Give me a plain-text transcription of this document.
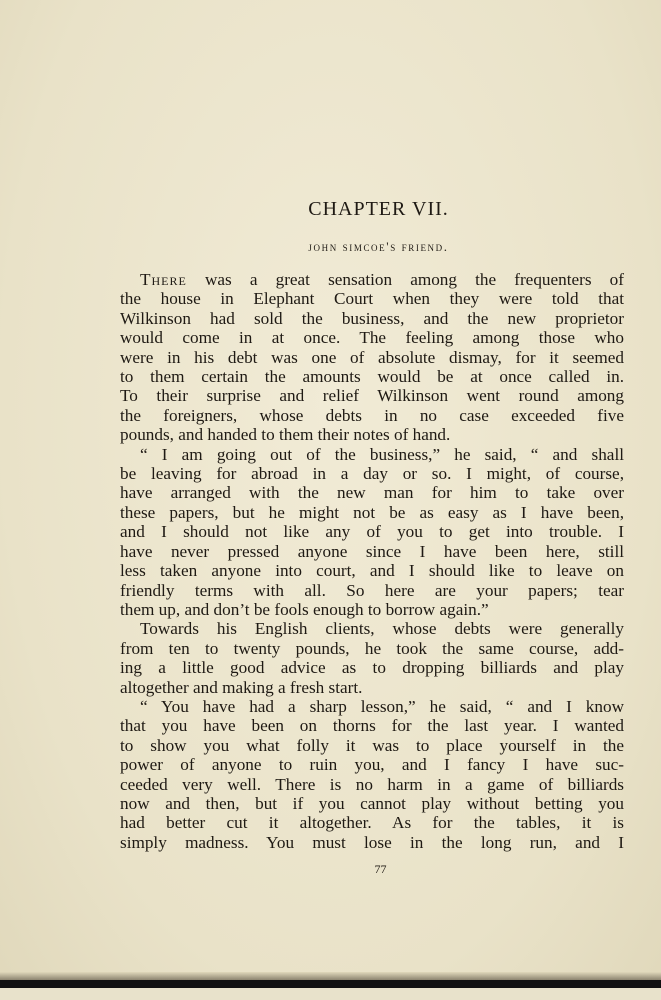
CHAPTER VII.
john simcoe's friend.
There was a great sensation among the frequenters of
the house in Elephant Court when they were told that
Wilkinson had sold the business, and the new proprietor
would come in at once. The feeling among those who
were in his debt was one of absolute dismay, for it seemed
to them certain the amounts would be at once called in.
To their surprise and relief Wilkinson went round among
the foreigners, whose debts in no case exceeded five
pounds, and handed to them their notes of hand.
“ I am going out of the business,” he said, “ and shall
be leaving for abroad in a day or so. I might, of course,
have arranged with the new man for him to take over
these papers, but he might not be as easy as I have been,
and I should not like any of you to get into trouble. I
have never pressed anyone since I have been here, still
less taken anyone into court, and I should like to leave on
friendly terms with all. So here are your papers; tear
them up, and don’t be fools enough to borrow again.”
Towards his English clients, whose debts were generally
from ten to twenty pounds, he took the same course, add-
ing a little good advice as to dropping billiards and play
altogether and making a fresh start.
“ You have had a sharp lesson,” he said, “ and I know
that you have been on thorns for the last year. I wanted
to show you what folly it was to place yourself in the
power of anyone to ruin you, and I fancy I have suc-
ceeded very well. There is no harm in a game of billiards
now and then, but if you cannot play without betting you
had better cut it altogether. As for the tables, it is
simply madness. You must lose in the long run, and I
77
